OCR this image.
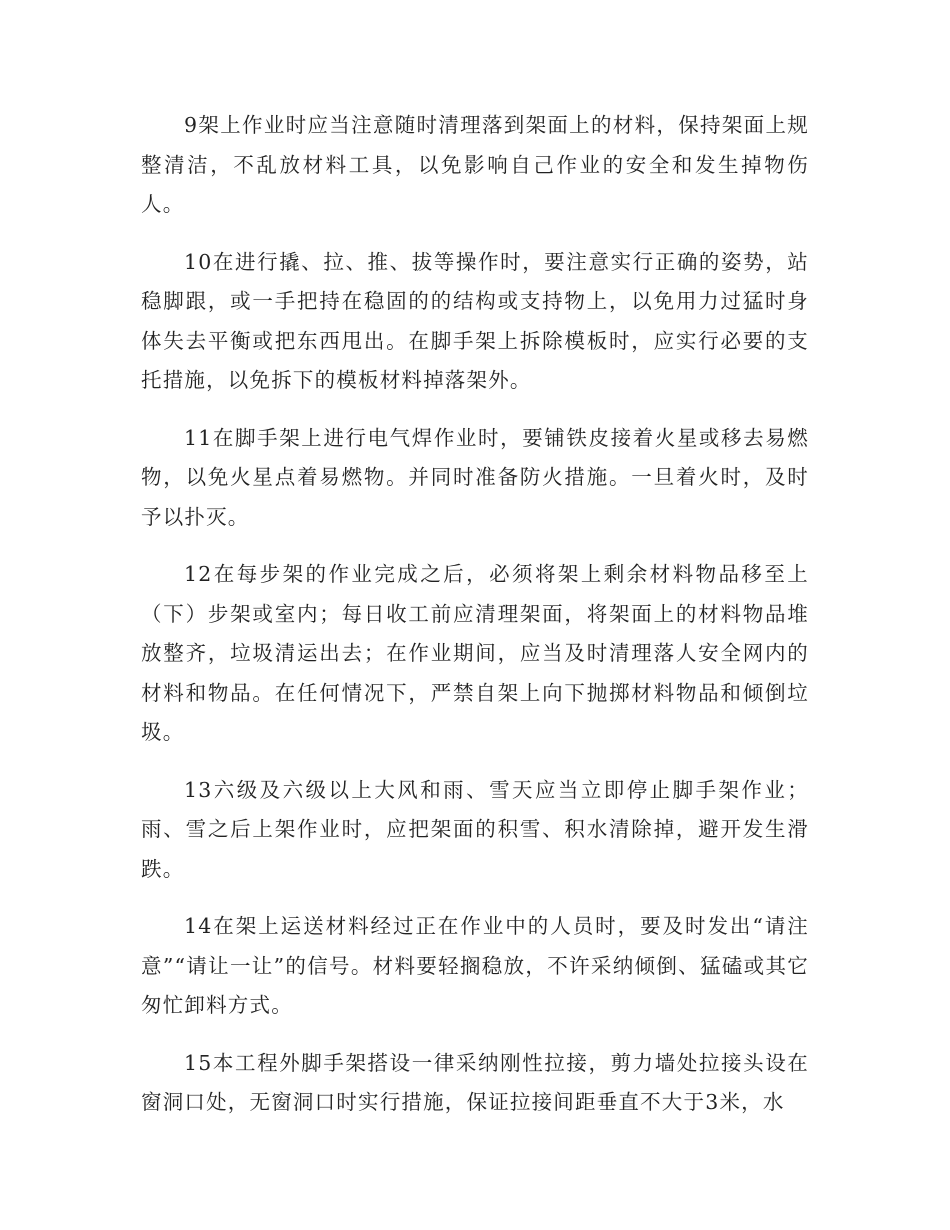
9架上作业时应当注意随时清理落到架面上的材料，保持架面上规整清洁，不乱放材料工具，以免影响自己作业的安全和发生掉物伤人。

10在进行撬、拉、推、拔等操作时，要注意实行正确的姿势，站稳脚跟，或一手把持在稳固的的结构或支持物上，以免用力过猛时身体失去平衡或把东西甩出。在脚手架上拆除模板时，应实行必要的支托措施，以免拆下的模板材料掉落架外。

11在脚手架上进行电气焊作业时，要铺铁皮接着火星或移去易燃物，以免火星点着易燃物。并同时准备防火措施。一旦着火时，及时予以扑灭。

12在每步架的作业完成之后，必须将架上剩余材料物品移至上（下）步架或室内；每日收工前应清理架面，将架面上的材料物品堆放整齐，垃圾清运出去；在作业期间，应当及时清理落人安全网内的材料和物品。在任何情况下，严禁自架上向下抛掷材料物品和倾倒垃圾。

13六级及六级以上大风和雨、雪天应当立即停止脚手架作业；雨、雪之后上架作业时，应把架面的积雪、积水清除掉，避开发生滑跌。

14在架上运送材料经过正在作业中的人员时，要及时发出“请注意”“请让一让”的信号。材料要轻搁稳放，不许采纳倾倒、猛磕或其它匆忙卸料方式。

15本工程外脚手架搭设一律采纳刚性拉接，剪力墙处拉接头设在窗洞口处，无窗洞口时实行措施，保证拉接间距垂直不大于3米，水
